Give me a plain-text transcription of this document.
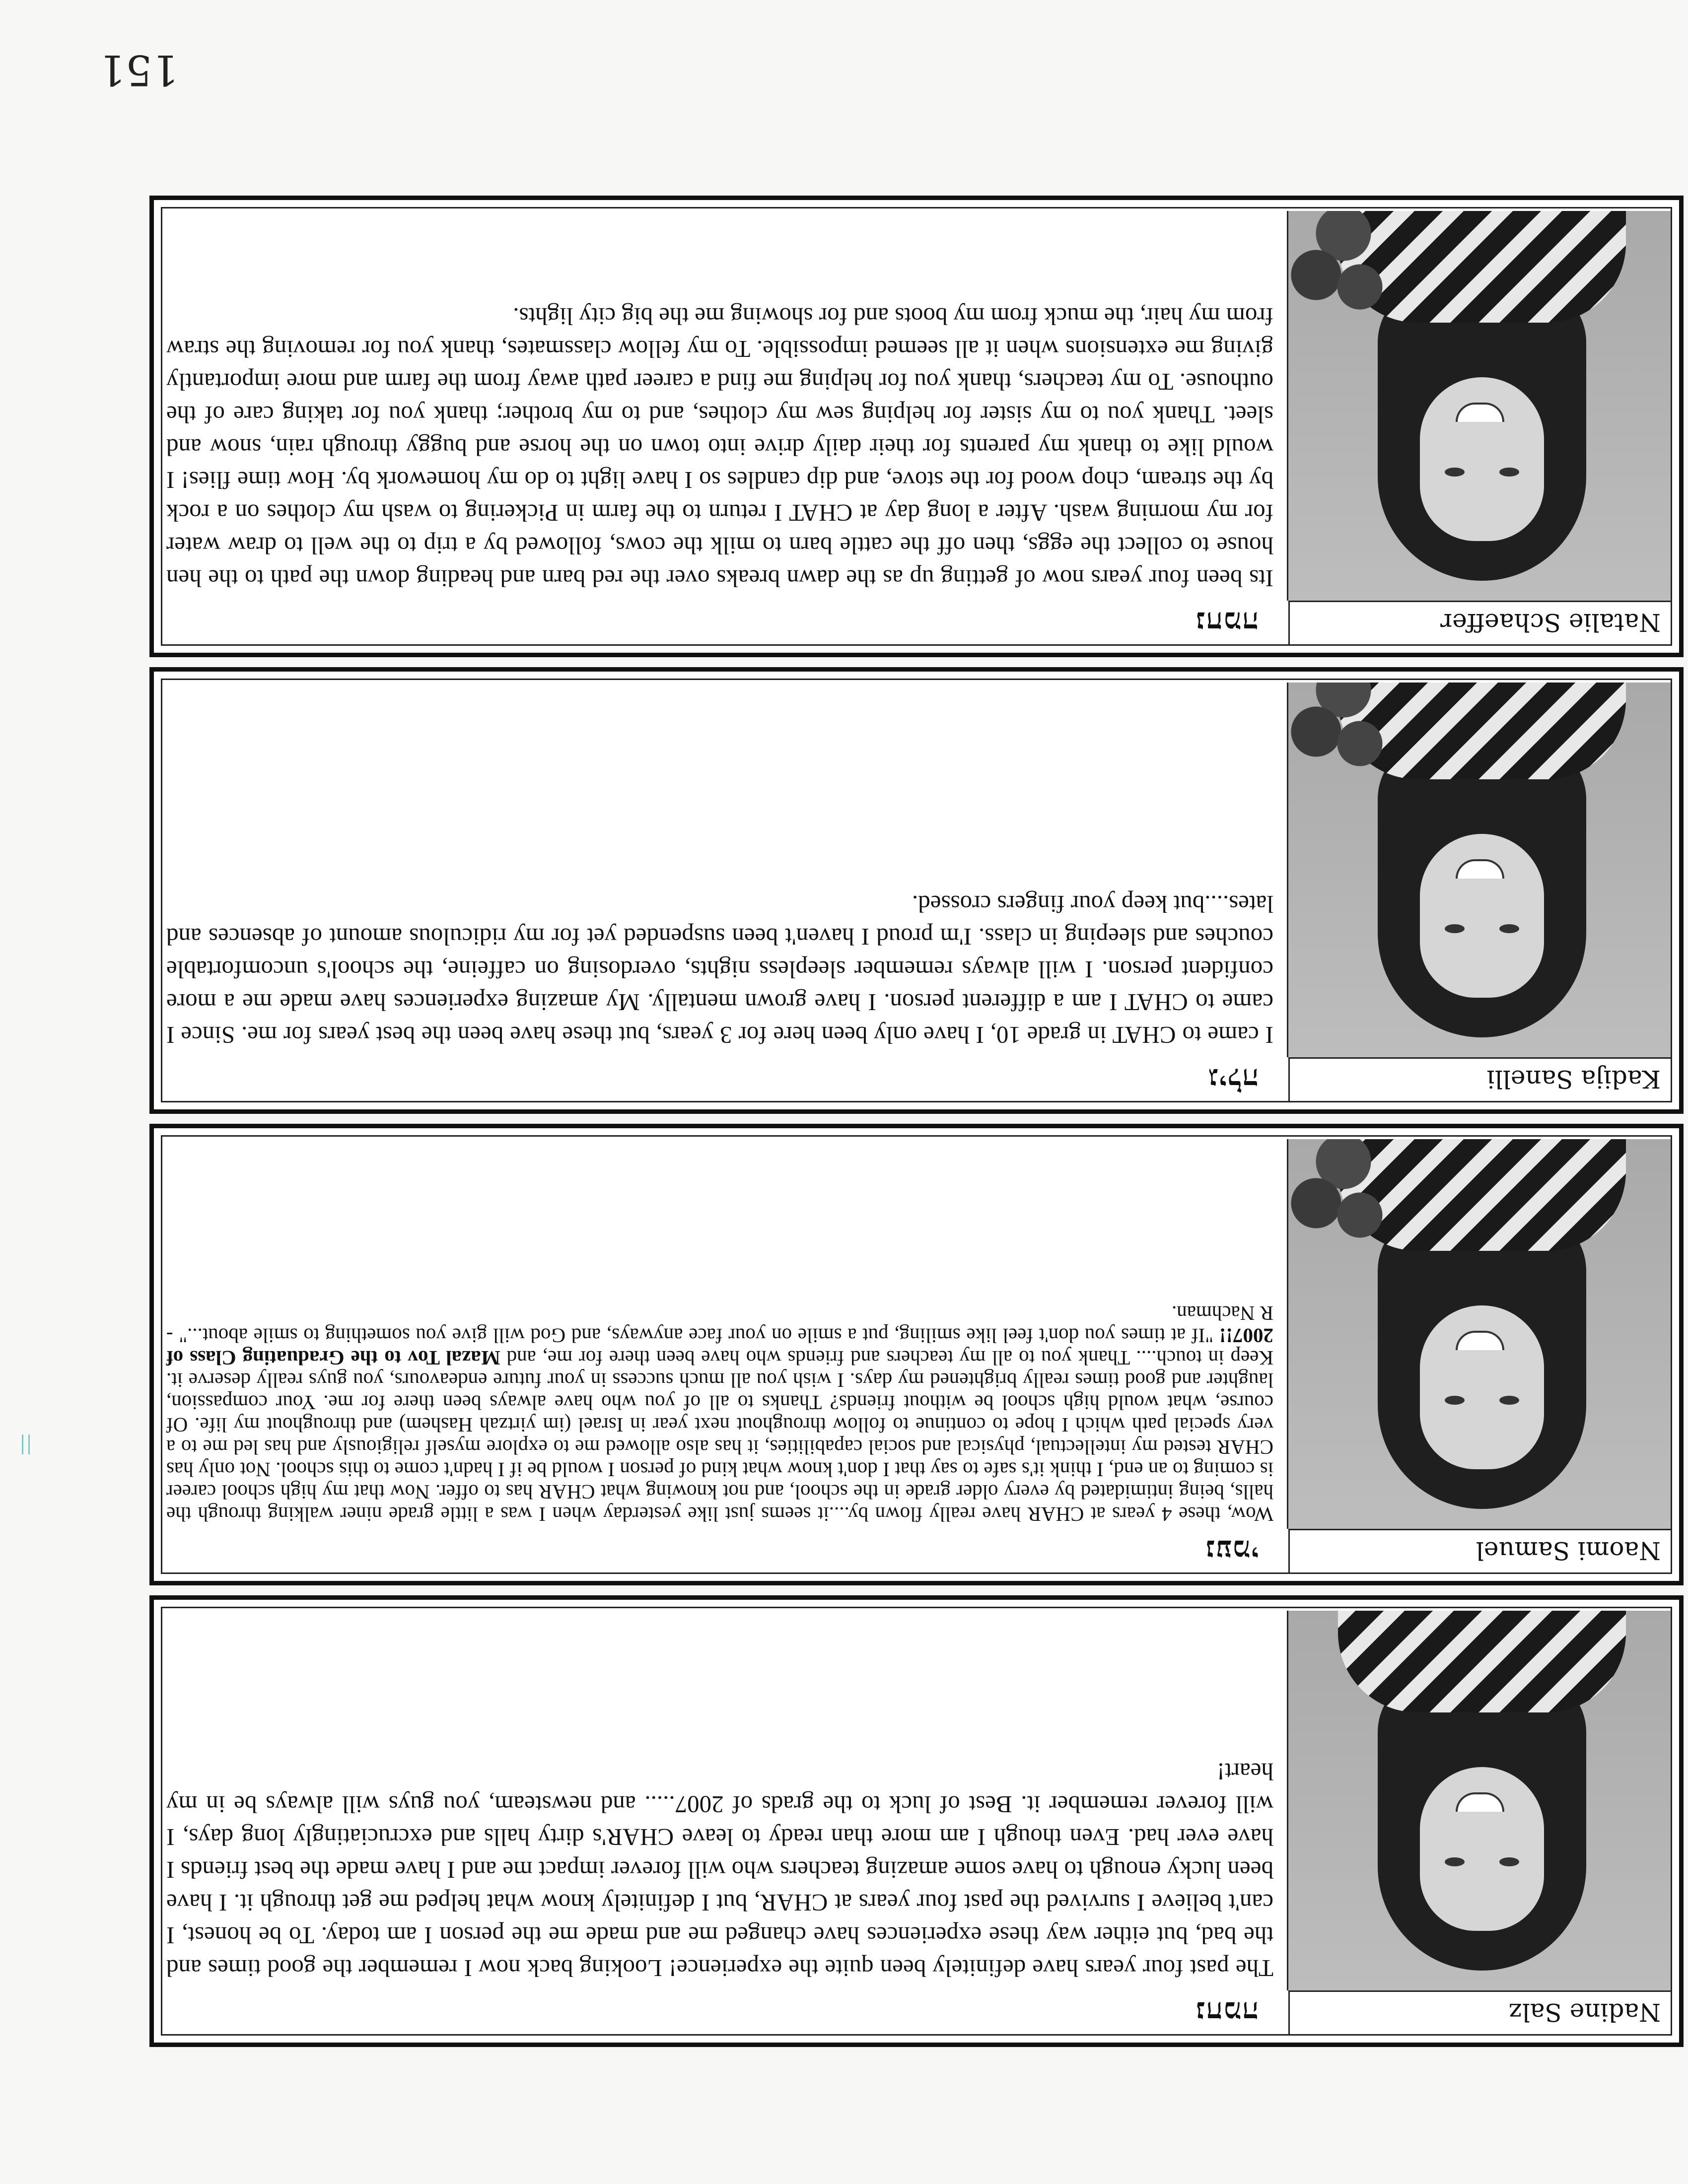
151
Natalie Schaeffer
נחמה
Its been four years now of getting up as the dawn breaks over the red barn and heading down the path to the hen house to collect the eggs, then off the cattle barn to milk the cows, followed by a trip to the well to draw water for my morning wash. After a long day at CHAT I return to the farm in Pickering to wash my clothes on a rock by the stream, chop wood for the stove, and dip candles so I have light to do my homework by. How time flies! I would like to thank my parents for their daily drive into town on the horse and buggy through rain, snow and sleet. Thank you to my sister for helping sew my clothes, and to my brother; thank you for taking care of the outhouse. To my teachers, thank you for helping me find a career path away from the farm and more importantly giving me extensions when it all seemed impossible. To my fellow classmates, thank you for removing the straw from my hair, the muck from my boots and for showing me the big city lights.
Kadija Sanelli
גילה
I came to CHAT in grade 10, I have only been here for 3 years, but these have been the best years for me. Since I came to CHAT I am a different person. I have grown mentally. My amazing experiences have made me a more confident person. I will always remember sleepless nights, overdosing on caffeine, the school's uncomfortable couches and sleeping in class. I'm proud I haven't been suspended yet for my ridiculous amount of absences and lates....but keep your fingers crossed.
Naomi Samuel
נעמי
Wow, these 4 years at CHAR have really flown by....it seems just like yesterday when I was a little grade niner walking through the halls, being intimidated by every older grade in the school, and not knowing what CHAR has to offer. Now that my high school career is coming to an end, I think it's safe to say that I don't know what kind of person I would be if I hadn't come to this school. Not only has CHAR tested my intellectual, physical and social capabilities, it has also allowed me to explore myself religiously and has led me to a very special path which I hope to continue to follow throughout next year in Israel (im yirtzah Hashem) and throughout my life. Of course, what would high school be without friends? Thanks to all of you who have always been there for me. Your compassion, laughter and good times really brightened my days. I wish you all much success in your future endeavours, you guys really deserve it. Keep in touch.... Thank you to all my teachers and friends who have been there for me, and Mazal Tov to the Graduating Class of 2007!! "If at times you don't feel like smiling, put a smile on your face anyways, and God will give you something to smile about..." - R Nachman.
Nadine Salz
נחמה
The past four years have definitely been quite the experience! Looking back now I remember the good times and the bad, but either way these experiences have changed me and made me the person I am today. To be honest, I can't believe I survived the past four years at CHAR, but I definitely know what helped me get through it. I have been lucky enough to have some amazing teachers who will forever impact me and I have made the best friends I have ever had. Even though I am more than ready to leave CHAR's dirty halls and excruciatingly long days, I will forever remember it. Best of luck to the grads of 2007..... and newsteam, you guys will always be in my heart!
